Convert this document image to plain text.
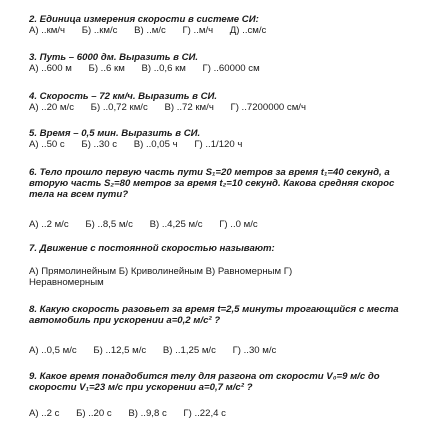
2. Единица измерения скорости в системе СИ:
А) ..км/ч Б) ..км/с В) ..м/с Г) ..м/ч Д) ..см/с
3. Путь – 6000 дм. Выразить в СИ.
А) ..600 м Б) ..6 км В) ..0,6 км Г) ..60000 см
4. Скорость – 72 км/ч. Выразить в СИ.
А) ..20 м/с Б) ..0,72 км/с В) ..72 км/ч Г) ..7200000 см/ч
5. Время – 0,5 мин. Выразить в СИ.
А) ..50 с Б) ..30 с В) ..0,05 ч Г) ..1/120 ч
6. Тело прошло первую часть пути S₁=20 метров за время t₁=40 секунд, а
вторую часть S₂=80 метров за время t₂=10 секунд. Какова средняя скорос
тела на всем пути?
А) ..2 м/с Б) ..8,5 м/с В) ..4,25 м/с Г) ..0 м/с
7. Движение с постоянной скоростью называют:
А) Прямолинейным Б) Криволинейным В) Равномерным Г)
Неравномерным
8. Какую скорость разовьет за время t=2,5 минуты трогающийся с места
автомобиль при ускорении a=0,2 м/с² ?
А) ..0,5 м/с Б) ..12,5 м/с В) ..1,25 м/с Г) ..30 м/с
9. Какое время понадобится телу для разгона от скорости V₀=9 м/с до
скорости V₁=23 м/с при ускорении a=0,7 м/с² ?
А) ..2 с Б) ..20 с В) ..9,8 с Г) ..22,4 с
